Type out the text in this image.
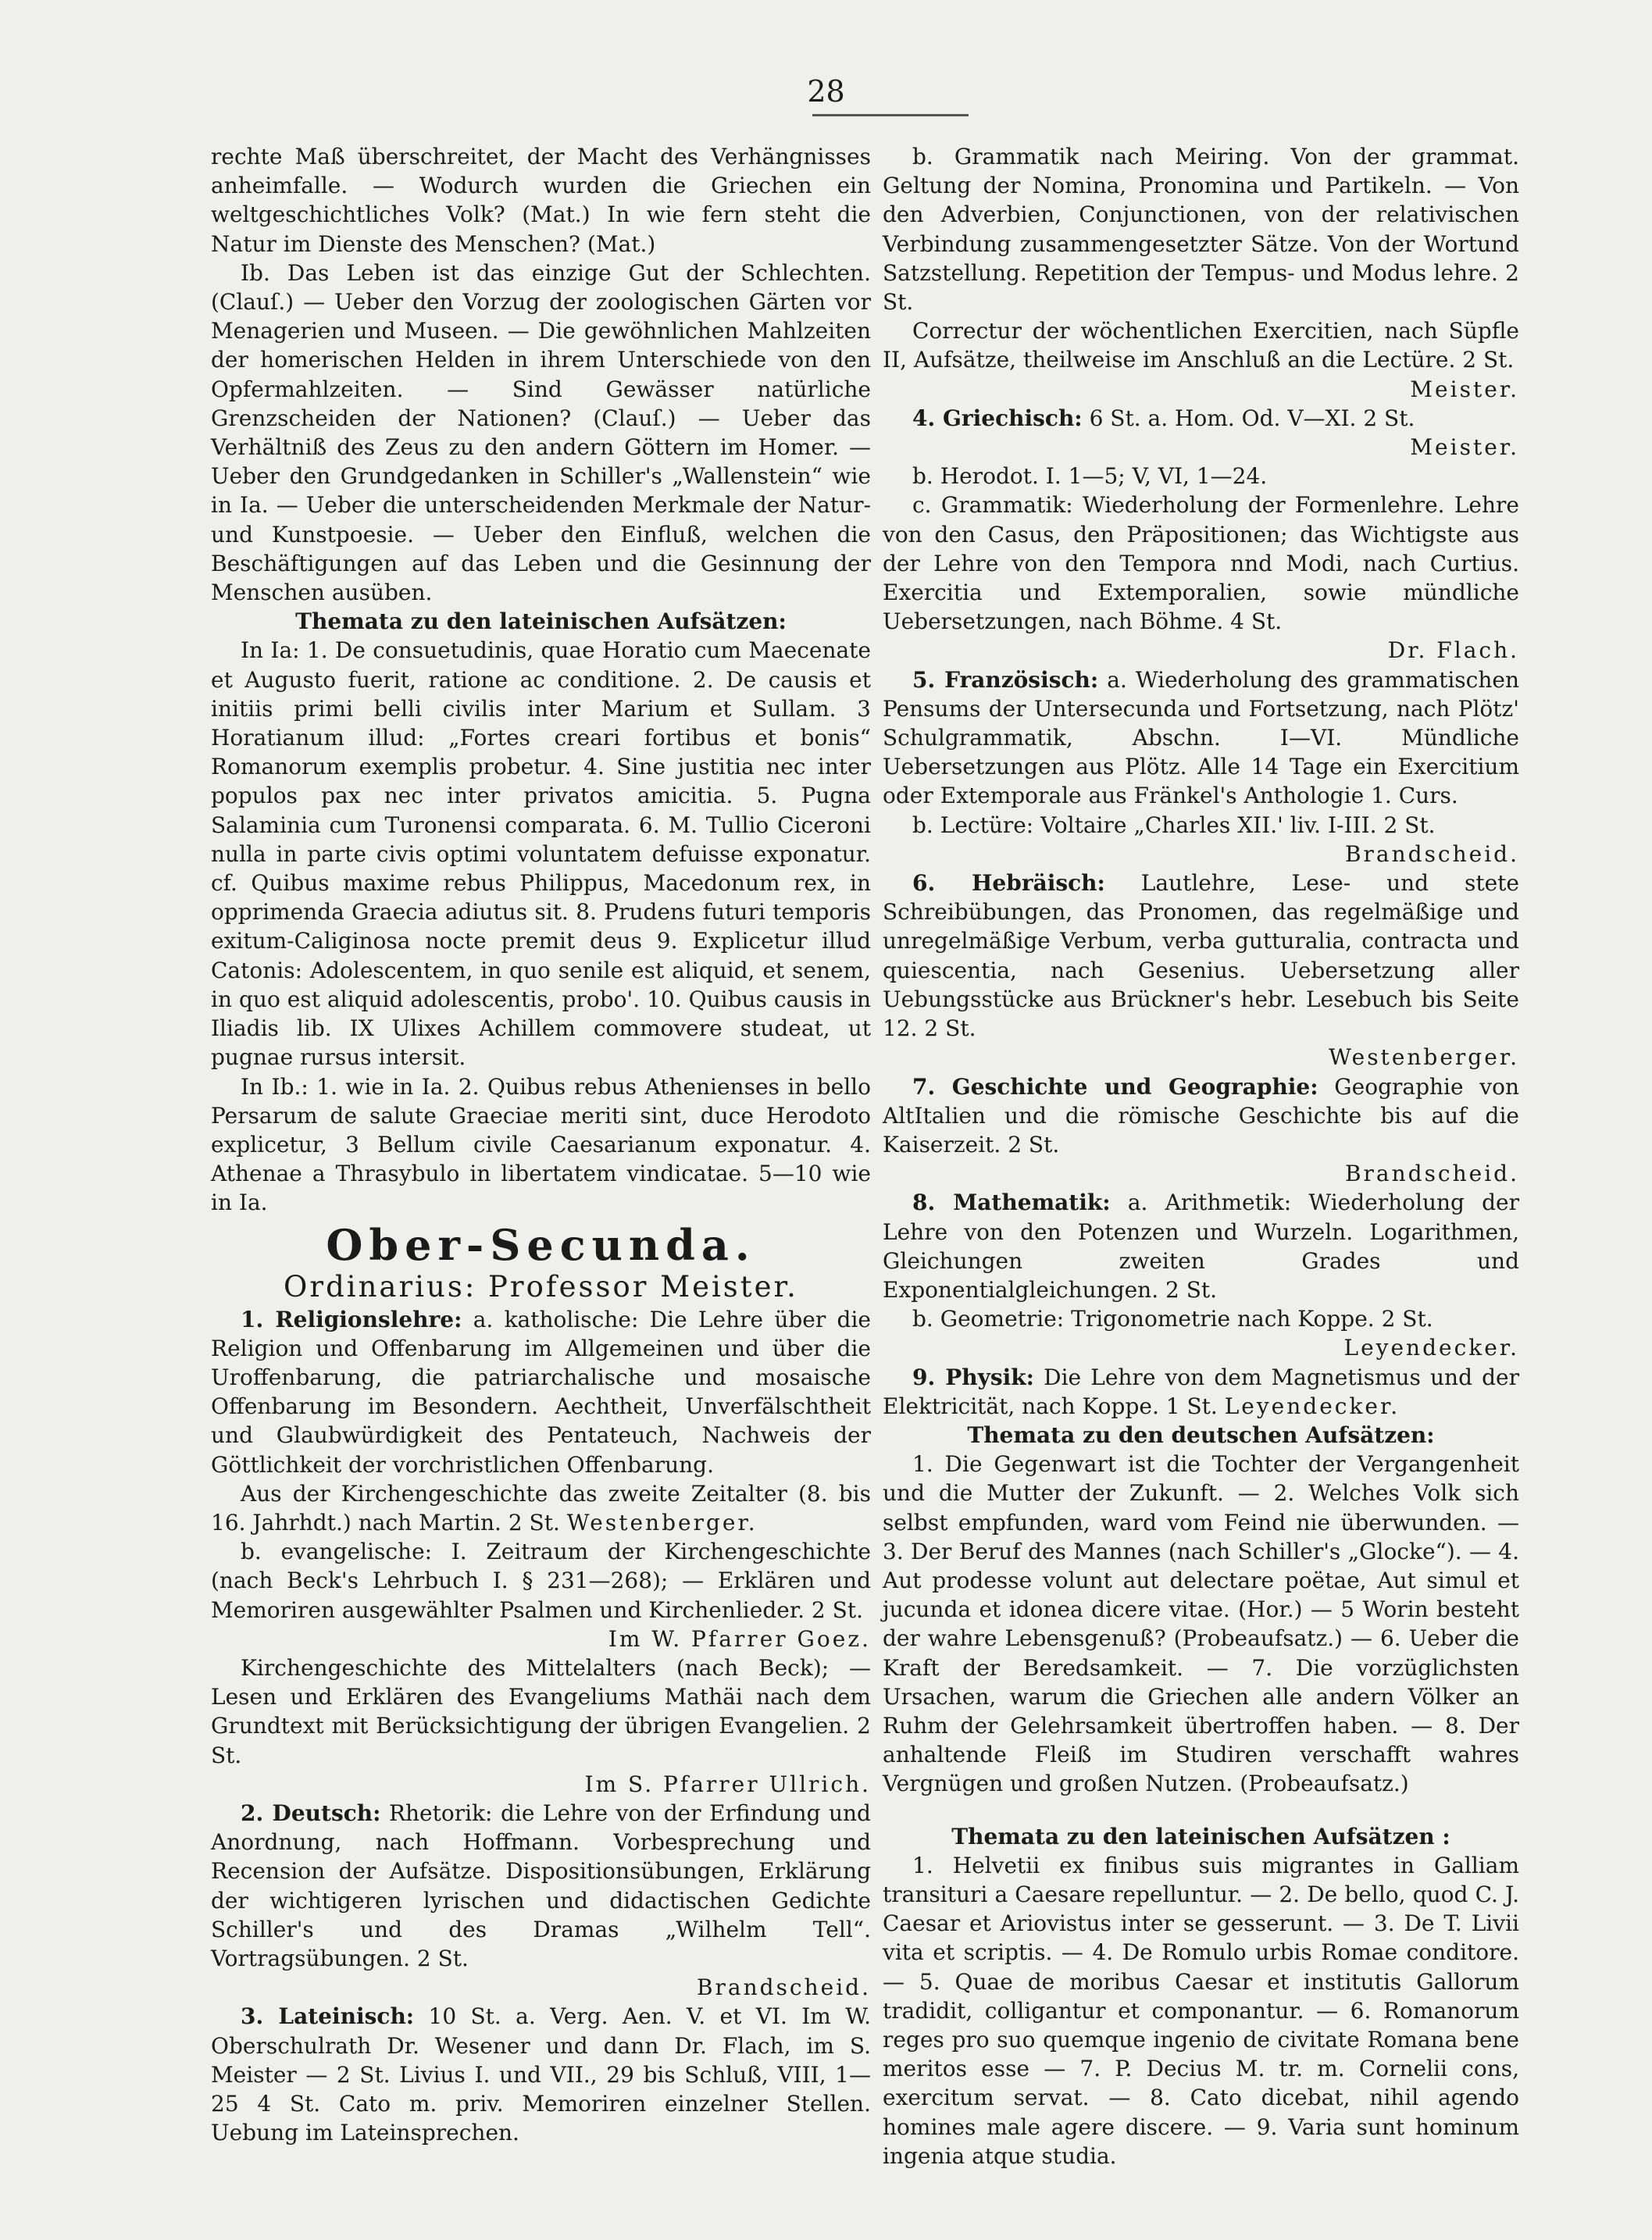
28

rechte Maß überschreitet, der Macht des Verhängnisses anheimfalle. — Wodurch wurden die Griechen ein weltgeschichtliches Volk? (Mat.) In wie fern steht die Natur im Dienste des Menschen? (Mat.)

Ib. Das Leben ist das einzige Gut der Schlechten. (Clauſ.) — Ueber den Vorzug der zoologischen Gärten vor Menagerien und Museen. — Die gewöhnlichen Mahlzeiten der homerischen Helden in ihrem Unterschiede von den Opfermahlzeiten. — Sind Gewässer natürliche Grenzscheiden der Nationen? (Clauſ.) — Ueber das Verhältniß des Zeus zu den andern Göttern im Homer. — Ueber den Grundgedanken in Schiller's „Wallenstein“ wie in Ia. — Ueber die unterscheidenden Merkmale der Natur- und Kunstpoesie. — Ueber den Einfluß, welchen die Beschäftigungen auf das Leben und die Gesinnung der Menschen ausüben.

Themata zu den lateinischen Aufsätzen:

In Ia: 1. De consuetudinis, quae Horatio cum Maecenate et Augusto fuerit, ratione ac conditione. 2. De causis et initiis primi belli civilis inter Marium et Sullam. 3 Horatianum illud: „Fortes creari fortibus et bonis“ Romanorum exemplis probetur. 4. Sine justitia nec inter populos pax nec inter privatos amicitia. 5. Pugna Salaminia cum Turonensi comparata. 6. M. Tullio Ciceroni nulla in parte civis optimi voluntatem defuisse exponatur. cf. Quibus maxime rebus Philippus, Macedonum rex, in opprimenda Graecia adiutus sit. 8. Prudens futuri temporis exitum-Caliginosa nocte premit deus 9. Explicetur illud Catonis: Adolescentem, in quo senile est aliquid, et senem, in quo est aliquid adolescentis, probo'. 10. Quibus causis in Iliadis lib. IX Ulixes Achillem commovere studeat, ut pugnae rursus intersit.

In Ib.: 1. wie in Ia. 2. Quibus rebus Athenienses in bello Persarum de salute Graeciae meriti sint, duce Herodoto explicetur, 3 Bellum civile Caesarianum exponatur. 4. Athenae a Thrasybulo in libertatem vindicatae. 5—10 wie in Ia.

Ober-Secunda.

Ordinarius: Professor Meister.

1. Religionslehre: a. katholische: Die Lehre über die Religion und Offenbarung im Allgemeinen und über die Uroffenbarung, die patriarchalische und mosaische Offenbarung im Besondern. Aechtheit, Unverfälschtheit und Glaubwürdigkeit des Pentateuch, Nachweis der Göttlichkeit der vorchristlichen Offenbarung.

Aus der Kirchengeschichte das zweite Zeitalter (8. bis 16. Jahrhdt.) nach Martin. 2 St. Westenberger.

b. evangelische: I. Zeitraum der Kirchengeschichte (nach Beck's Lehrbuch I. § 231—268); — Erklären und Memoriren ausgewählter Psalmen und Kirchenlieder. 2 St.

Im W. Pfarrer Goez.

Kirchengeschichte des Mittelalters (nach Beck); — Lesen und Erklären des Evangeliums Mathäi nach dem Grundtext mit Berücksichtigung der übrigen Evangelien. 2 St.

Im S. Pfarrer Ullrich.

2. Deutsch: Rhetorik: die Lehre von der Erfindung und Anordnung, nach Hoffmann. Vorbesprechung und Recension der Aufsätze. Dispositionsübungen, Erklärung der wichtigeren lyrischen und didactischen Gedichte Schiller's und des Dramas „Wilhelm Tell“. Vortragsübungen. 2 St.

Brandscheid.

3. Lateinisch: 10 St. a. Verg. Aen. V. et VI. Im W. Oberschulrath Dr. Wesener und dann Dr. Flach, im S. Meister — 2 St. Livius I. und VII., 29 bis Schluß, VIII, 1—25 4 St. Cato m. priv. Memoriren einzelner Stellen. Uebung im Lateinsprechen.

b. Grammatik nach Meiring. Von der grammat. Geltung der Nomina, Pronomina und Partikeln. — Von den Adverbien, Conjunctionen, von der relativischen Verbindung zusammengesetzter Sätze. Von der Wortund Satzstellung. Repetition der Tempus- und Modus lehre. 2 St.

Correctur der wöchentlichen Exercitien, nach Süpfle II, Aufsätze, theilweise im Anschluß an die Lectüre. 2 St.

Meister.

4. Griechisch: 6 St. a. Hom. Od. V—XI. 2 St.

Meister.

b. Herodot. I. 1—5; V, VI, 1—24.

c. Grammatik: Wiederholung der Formenlehre. Lehre von den Casus, den Präpositionen; das Wichtigste aus der Lehre von den Tempora nnd Modi, nach Curtius. Exercitia und Extemporalien, sowie mündliche Uebersetzungen, nach Böhme. 4 St.

Dr. Flach.

5. Französisch: a. Wiederholung des grammatischen Pensums der Untersecunda und Fortsetzung, nach Plötz' Schulgrammatik, Abschn. I—VI. Mündliche Uebersetzungen aus Plötz. Alle 14 Tage ein Exercitium oder Extemporale aus Fränkel's Anthologie 1. Curs.

b. Lectüre: Voltaire „Charles XII.' liv. I-III. 2 St.

Brandscheid.

6. Hebräisch: Lautlehre, Lese- und stete Schreibübungen, das Pronomen, das regelmäßige und unregelmäßige Verbum, verba gutturalia, contracta und quiescentia, nach Gesenius. Uebersetzung aller Uebungsstücke aus Brückner's hebr. Lesebuch bis Seite 12. 2 St.

Westenberger.

7. Geschichte und Geographie: Geographie von AltItalien und die römische Geschichte bis auf die Kaiserzeit. 2 St.

Brandscheid.

8. Mathematik: a. Arithmetik: Wiederholung der Lehre von den Potenzen und Wurzeln. Logarithmen, Gleichungen zweiten Grades und Exponentialgleichungen. 2 St.

b. Geometrie: Trigonometrie nach Koppe. 2 St.

Leyendecker.

9. Physik: Die Lehre von dem Magnetismus und der Elektricität, nach Koppe. 1 St. Leyendecker.

Themata zu den deutschen Aufsätzen:

1. Die Gegenwart ist die Tochter der Vergangenheit und die Mutter der Zukunft. — 2. Welches Volk sich selbst empfunden, ward vom Feind nie überwunden. — 3. Der Beruf des Mannes (nach Schiller's „Glocke“). — 4. Aut prodesse volunt aut delectare poëtae, Aut simul et jucunda et idonea dicere vitae. (Hor.) — 5 Worin besteht der wahre Lebensgenuß? (Probeaufsatz.) — 6. Ueber die Kraft der Beredsamkeit. — 7. Die vorzüglichsten Ursachen, warum die Griechen alle andern Völker an Ruhm der Gelehrsamkeit übertroffen haben. — 8. Der anhaltende Fleiß im Studiren verschafft wahres Vergnügen und großen Nutzen. (Probeaufsatz.)

Themata zu den lateinischen Aufsätzen :

1. Helvetii ex finibus suis migrantes in Galliam transituri a Caesare repelluntur. — 2. De bello, quod C. J. Caesar et Ariovistus inter se gesserunt. — 3. De T. Livii vita et scriptis. — 4. De Romulo urbis Romae conditore. — 5. Quae de moribus Caesar et institutis Gallorum tradidit, colligantur et componantur. — 6. Romanorum reges pro suo quemque ingenio de civitate Romana bene meritos esse — 7. P. Decius M. tr. m. Cornelii cons, exercitum servat. — 8. Cato dicebat, nihil agendo homines male agere discere. — 9. Varia sunt hominum ingenia atque studia.
